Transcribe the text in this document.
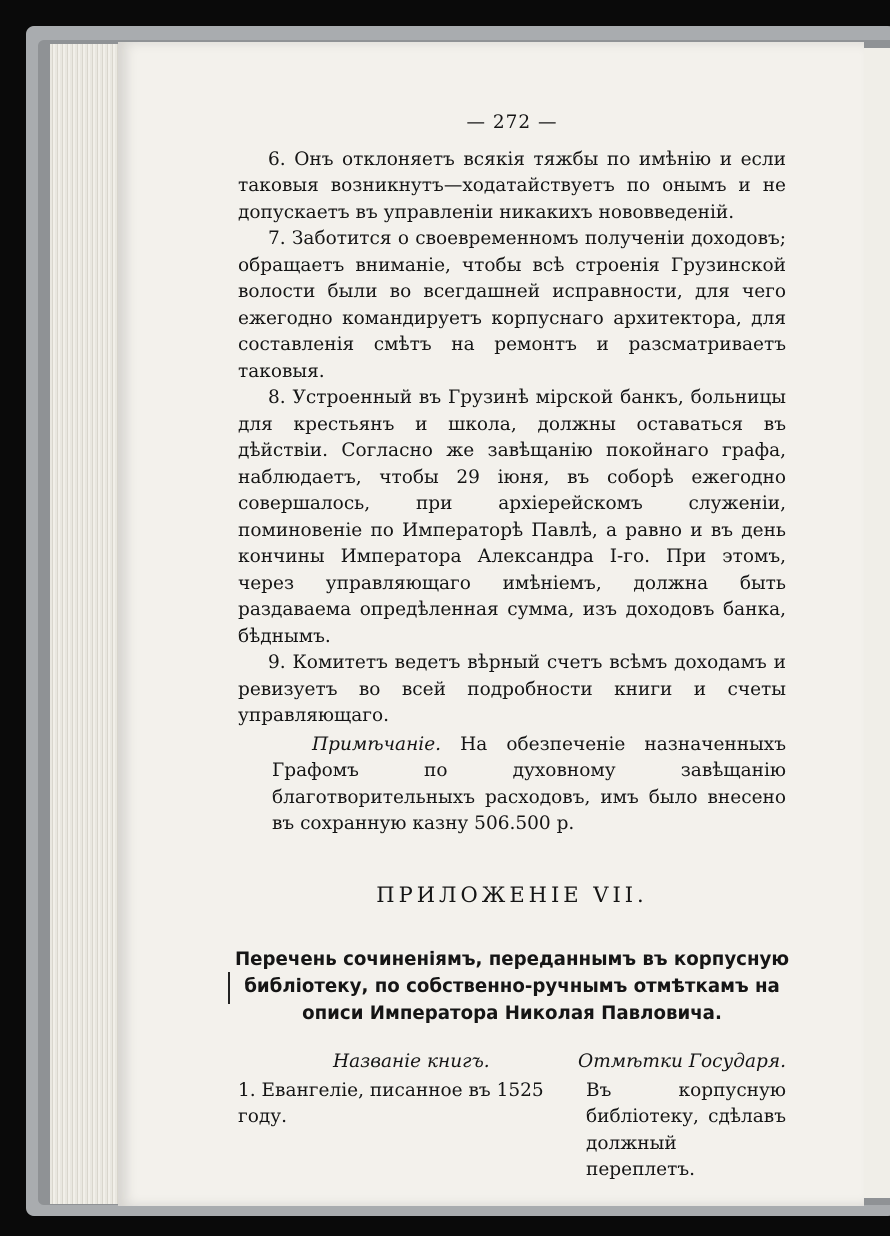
— 272 —

6. Онъ отклоняетъ всякія тяжбы по имѣнію и если таковыя возникнутъ—ходатайствуетъ по онымъ и не допускаетъ въ управленіи никакихъ нововведеній.

7. Заботится о своевременномъ полученіи доходовъ; обращаетъ вниманіе, чтобы всѣ строенія Грузинской волости были во всегдашней исправности, для чего ежегодно командируетъ корпуснаго архитектора, для составленія смѣтъ на ремонтъ и разсматриваетъ таковыя.

8. Устроенный въ Грузинѣ мірской банкъ, больницы для крестьянъ и школа, должны оставаться въ дѣйствіи. Согласно же завѣщанію покойнаго графа, наблюдаетъ, чтобы 29 іюня, въ соборѣ ежегодно совершалось, при архіерейскомъ служеніи, поминовеніе по Императорѣ Павлѣ, а равно и въ день кончины Императора Александра I-го. При этомъ, через управляющаго имѣніемъ, должна быть раздаваема опредѣленная сумма, изъ доходовъ банка, бѣднымъ.

9. Комитетъ ведетъ вѣрный счетъ всѣмъ доходамъ и ревизуетъ во всей подробности книги и счеты управляющаго.

Примѣчаніе. На обезпеченіе назначенныхъ Графомъ по духовному завѣщанію благотворительныхъ расходовъ, имъ было внесено въ сохранную казну 506.500 р.

ПРИЛОЖЕНІЕ VII.
Перечень сочиненіямъ, переданнымъ въ корпусную библіотеку, по собственно-ручнымъ отмѣткамъ на описи Императора Николая Павловича.
Названіе книгъ.	Отмѣтки Государя.
1. Евангеліе, писанное въ 1525 году.
Въ корпусную библіотеку, сдѣлавъ должный переплетъ.
